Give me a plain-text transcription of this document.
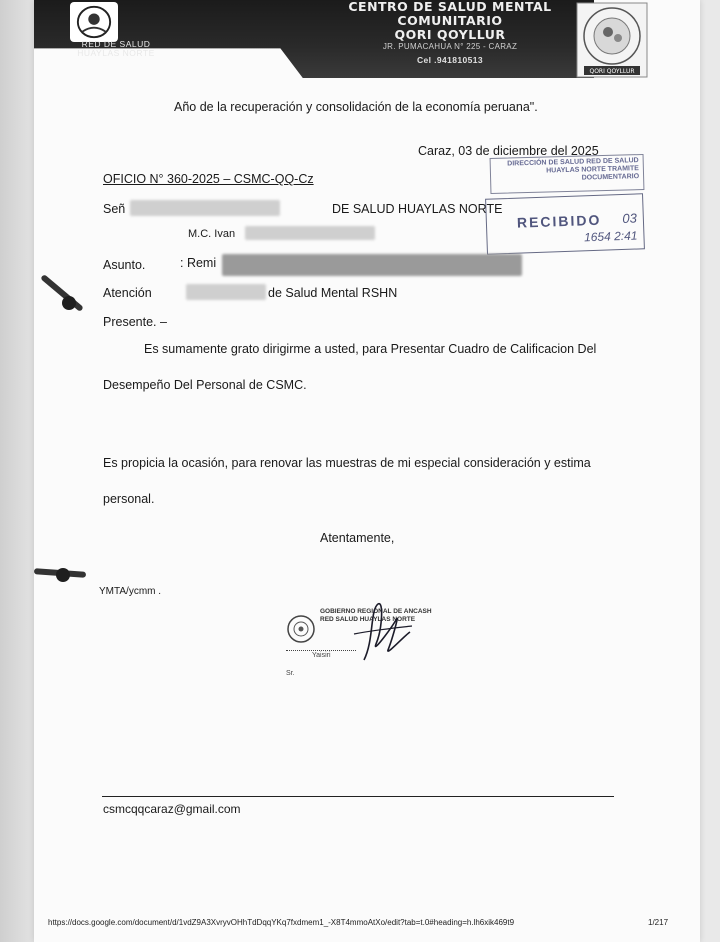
RED DE SALUD HUAYLAS NORTE
CENTRO DE SALUD MENTAL
COMUNITARIO
QORI QOYLLUR
JR. PUMACAHUA N° 225 - CARAZ
Cel .941810513
QORI QOYLLUR
Año de la recuperación y consolidación de la economía peruana".
Caraz, 03 de diciembre del 2025
DIRECCIÓN DE SALUD RED DE SALUD HUAYLAS NORTE TRAMITE DOCUMENTARIO
OFICIO N° 360-2025 – CSMC-QQ-Cz
Señ	DE SALUD HUAYLAS NORTE
M.C. Ivan
RECIBIDO 03
1654 2:41
Asunto.	: Remi
Atención	de Salud Mental RSHN
Presente. –
Es sumamente grato dirigirme a usted, para Presentar Cuadro de Calificacion Del
Desempeño Del Personal de CSMC.
Es propicia la ocasión, para renovar las muestras de mi especial consideración y estima
personal.
Atentamente,
YMTA/ycmm .
GOBIERNO REGIONAL DE ANCASH
RED SALUD HUAYLAS NORTE
Yaisiri
Sr.
csmcqqcaraz@gmail.com
https://docs.google.com/document/d/1vdZ9A3XvryvOHhTdDqqYKq7fxdmem1_-X8T4mmoAtXo/edit?tab=t.0#heading=h.lh6xik469t9	1/217
